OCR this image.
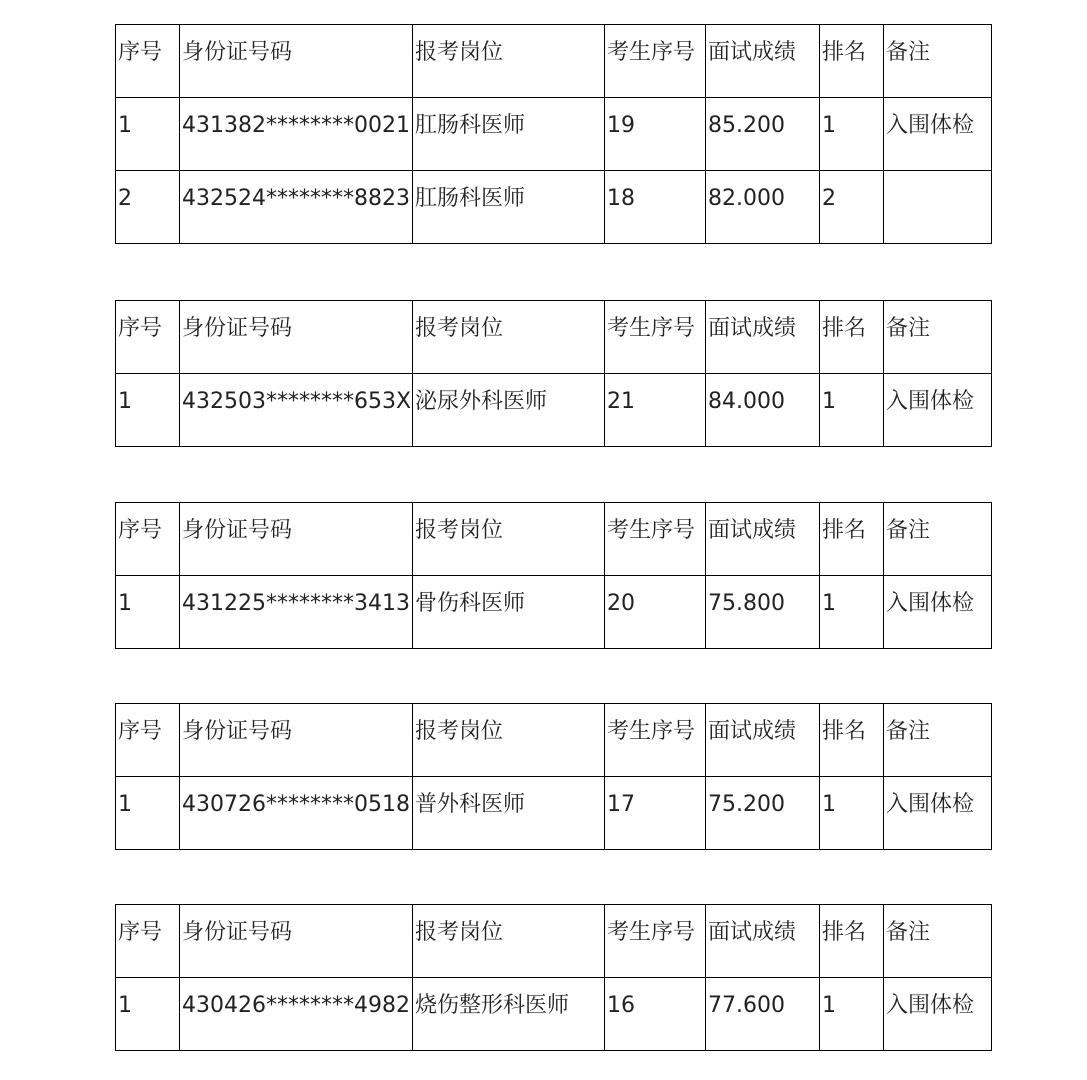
序号	身份证号码	报考岗位	考生序号	面试成绩	排名	备注
1	431382********0021	肛肠科医师	19	85.200	1	入围体检
2	432524********8823	肛肠科医师	18	82.000	2	
序号	身份证号码	报考岗位	考生序号	面试成绩	排名	备注
1	432503********653X	泌尿外科医师	21	84.000	1	入围体检
序号	身份证号码	报考岗位	考生序号	面试成绩	排名	备注
1	431225********3413	骨伤科医师	20	75.800	1	入围体检
序号	身份证号码	报考岗位	考生序号	面试成绩	排名	备注
1	430726********0518	普外科医师	17	75.200	1	入围体检
序号	身份证号码	报考岗位	考生序号	面试成绩	排名	备注
1	430426********4982	烧伤整形科医师	16	77.600	1	入围体检
